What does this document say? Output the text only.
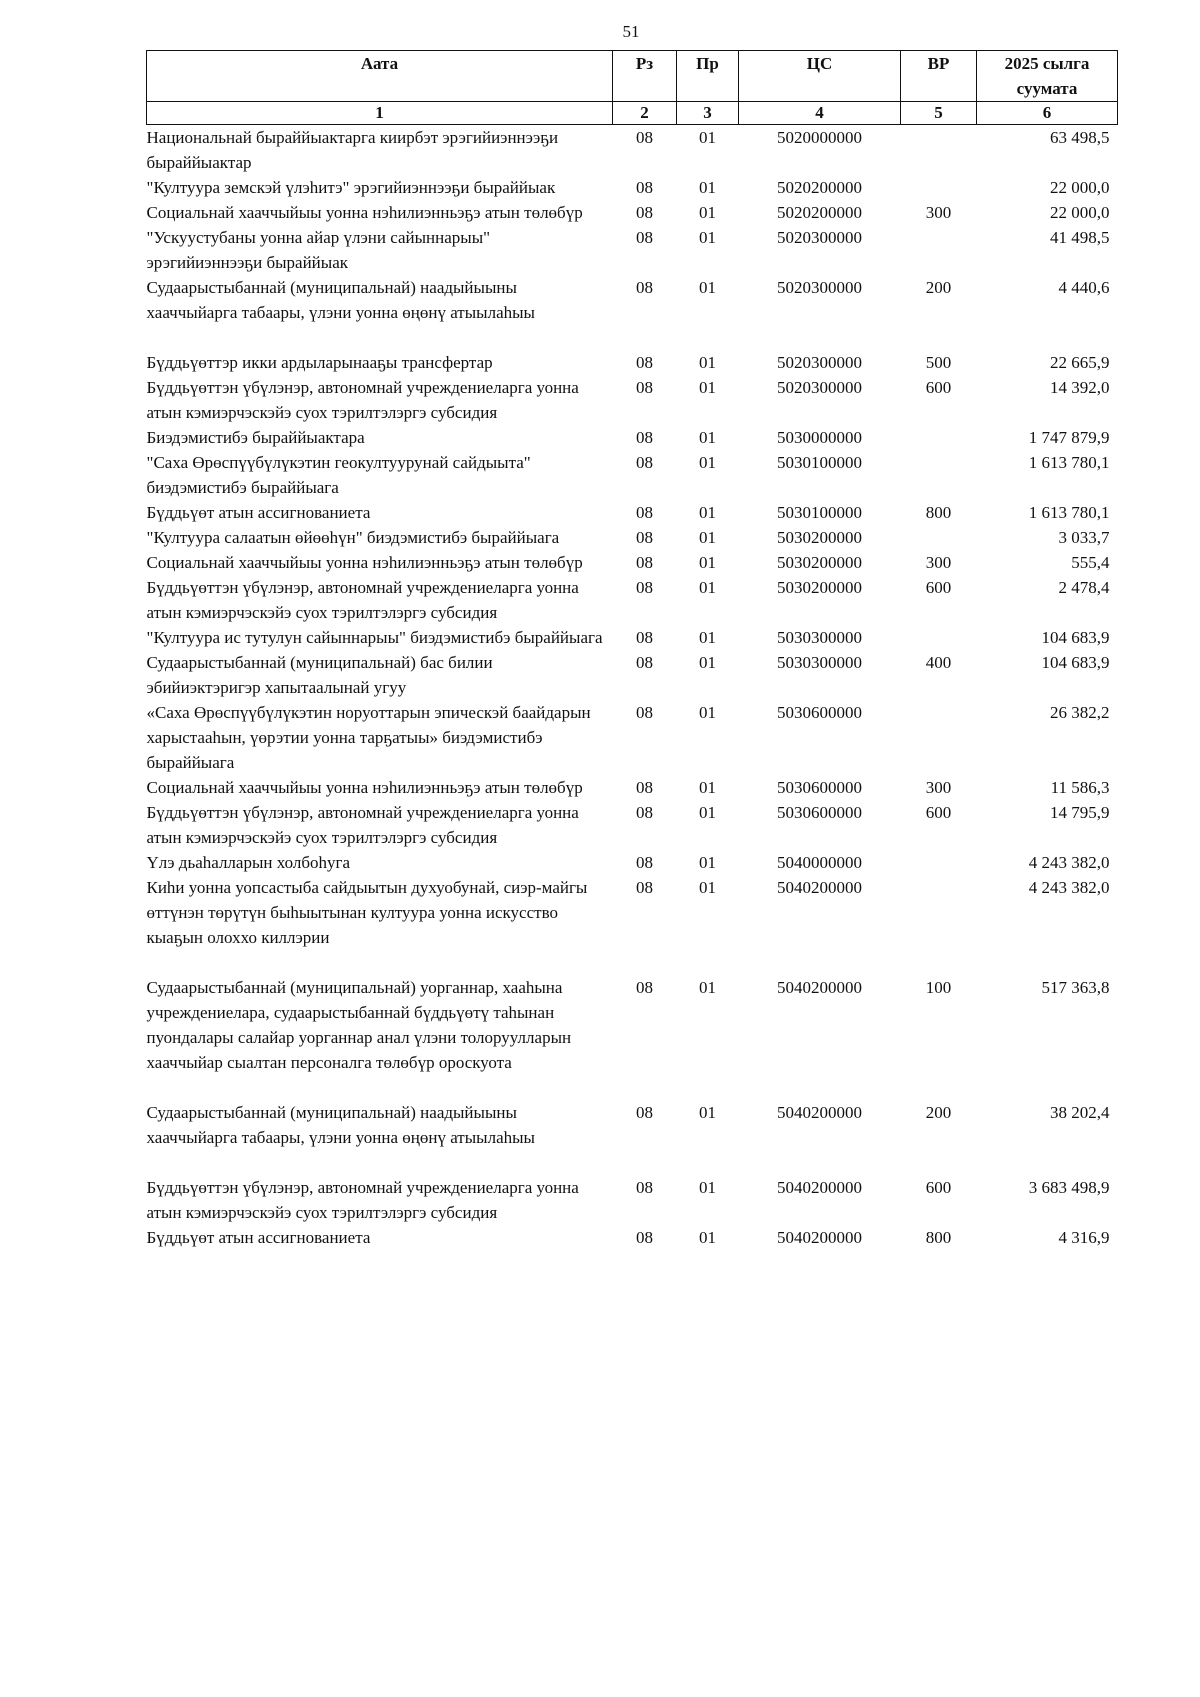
51
Аата	Рз	Пр	ЦС	ВР	2025 сылга суумата
1	2	3	4	5	6
Национальнай быраййыактарга киирбэт эрэгийиэннээҕи быраййыактар	08	01	5020000000		63 498,5
"Култуура земскэй үлэhитэ" эрэгийиэннээҕи быраййыак	08	01	5020200000		22 000,0
Социальнай хааччыйыы уонна нэhилиэнньэҕэ атын төлөбүр	08	01	5020200000	300	22 000,0
"Ускуустубаны уонна айар үлэни сайыннарыы" эрэгийиэннээҕи быраййыак	08	01	5020300000		41 498,5
Судаарыстыбаннай (муниципальнай) наадыйыыны хааччыйарга табаары, үлэни уонна өңөнү атыылаhыы	08	01	5020300000	200	4 440,6

Бүддьүөттэр икки ардыларынааҕы трансфертар	08	01	5020300000	500	22 665,9
Бүддьүөттэн үбүлэнэр, автономнай учреждениеларга уонна атын кэмиэрчэскэйэ суох тэрилтэлэргэ субсидия	08	01	5020300000	600	14 392,0
Биэдэмистибэ быраййыактара	08	01	5030000000		1 747 879,9
"Саха Өрөспүүбүлүкэтин геокултуурунай сайдыыта" биэдэмистибэ быраййыага	08	01	5030100000		1 613 780,1
Бүддьүөт атын ассигнованиета	08	01	5030100000	800	1 613 780,1
"Култуура салаатын өйөөhүн" биэдэмистибэ быраййыага	08	01	5030200000		3 033,7
Социальнай хааччыйыы уонна нэhилиэнньэҕэ атын төлөбүр	08	01	5030200000	300	555,4
Бүддьүөттэн үбүлэнэр, автономнай учреждениеларга уонна атын кэмиэрчэскэйэ суох тэрилтэлэргэ субсидия	08	01	5030200000	600	2 478,4
"Култуура ис тутулун сайыннарыы" биэдэмистибэ быраййыага	08	01	5030300000		104 683,9
Судаарыстыбаннай (муниципальнай) бас билии эбийиэктэригэр хапытаалынай угуу	08	01	5030300000	400	104 683,9
«Саха Өрөспүүбүлүкэтин норуоттарын эпическэй баайдарын харыстааhын, үөрэтии уонна тарҕатыы» биэдэмистибэ быраййыага	08	01	5030600000		26 382,2
Социальнай хааччыйыы уонна нэhилиэнньэҕэ атын төлөбүр	08	01	5030600000	300	11 586,3
Бүддьүөттэн үбүлэнэр, автономнай учреждениеларга уонна атын кэмиэрчэскэйэ суох тэрилтэлэргэ субсидия	08	01	5030600000	600	14 795,9
Үлэ дьаhалларын холбоhуга	08	01	5040000000		4 243 382,0
Киhи уонна уопсастыба сайдыытын духуобунай, сиэр-майгы өттүнэн төрүтүн быhыытынан култуура уонна искусство кыаҕын олоххо киллэрии	08	01	5040200000		4 243 382,0

Судаарыстыбаннай (муниципальнай) уорганнар, хааhына учреждениелара, судаарыстыбаннай бүддьүөтү таhынан пуондалары салайар уорганнар анал үлэни толоруулларын хааччыйар сыалтан персоналга төлөбүр ороскуота	08	01	5040200000	100	517 363,8

Судаарыстыбаннай (муниципальнай) наадыйыыны хааччыйарга табаары, үлэни уонна өңөнү атыылаhыы	08	01	5040200000	200	38 202,4

Бүддьүөттэн үбүлэнэр, автономнай учреждениеларга уонна атын кэмиэрчэскэйэ суох тэрилтэлэргэ субсидия	08	01	5040200000	600	3 683 498,9
Бүддьүөт атын ассигнованиета	08	01	5040200000	800	4 316,9
